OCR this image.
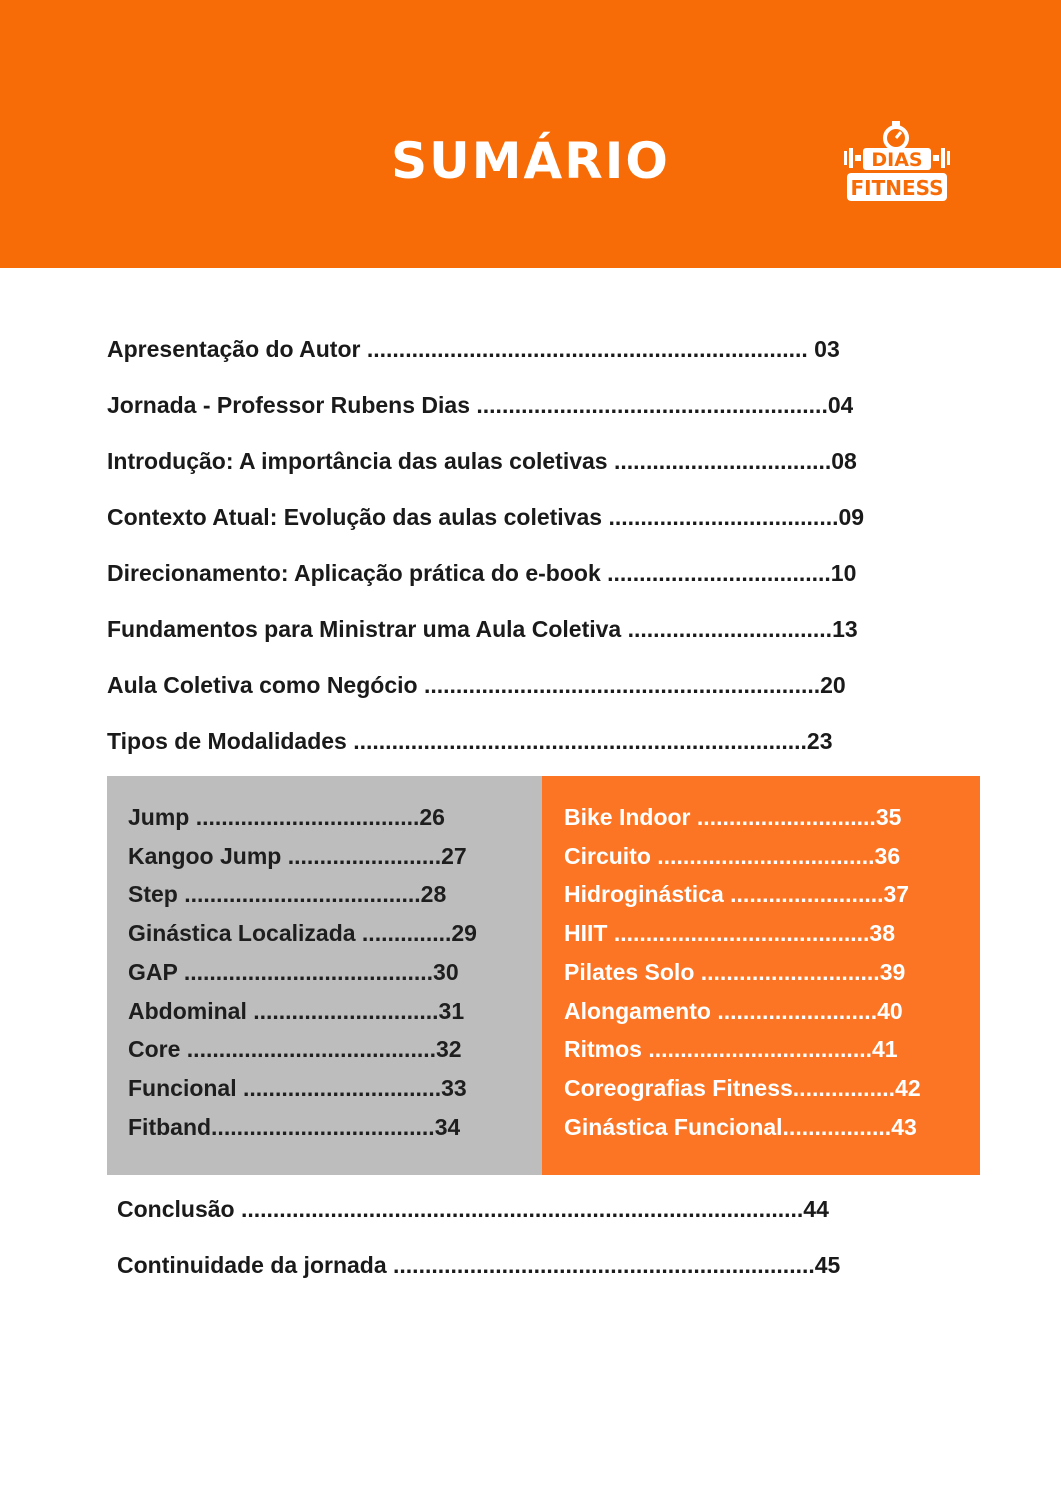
SUMÁRIO	DIAS
FITNESS
Apresentação do Autor ..................................................................... 03
Jornada - Professor Rubens Dias .......................................................04
Introdução: A importância das aulas coletivas ..................................08
Contexto Atual: Evolução das aulas coletivas ....................................09
Direcionamento: Aplicação prática do e-book ...................................10
Fundamentos para Ministrar uma Aula Coletiva ................................13
Aula Coletiva como Negócio ..............................................................20
Tipos de Modalidades .......................................................................23
Jump ...................................26
Kangoo Jump ........................27
Step .....................................28
Ginástica Localizada ..............29
GAP .......................................30
Abdominal .............................31
Core .......................................32
Funcional ...............................33
Fitband...................................34
Bike Indoor ............................35
Circuito ..................................36
Hidroginástica ........................37
HIIT ........................................38
Pilates Solo ............................39
Alongamento .........................40
Ritmos ...................................41
Coreografias Fitness................42
Ginástica Funcional.................43
Conclusão ........................................................................................44
Continuidade da jornada ..................................................................45
